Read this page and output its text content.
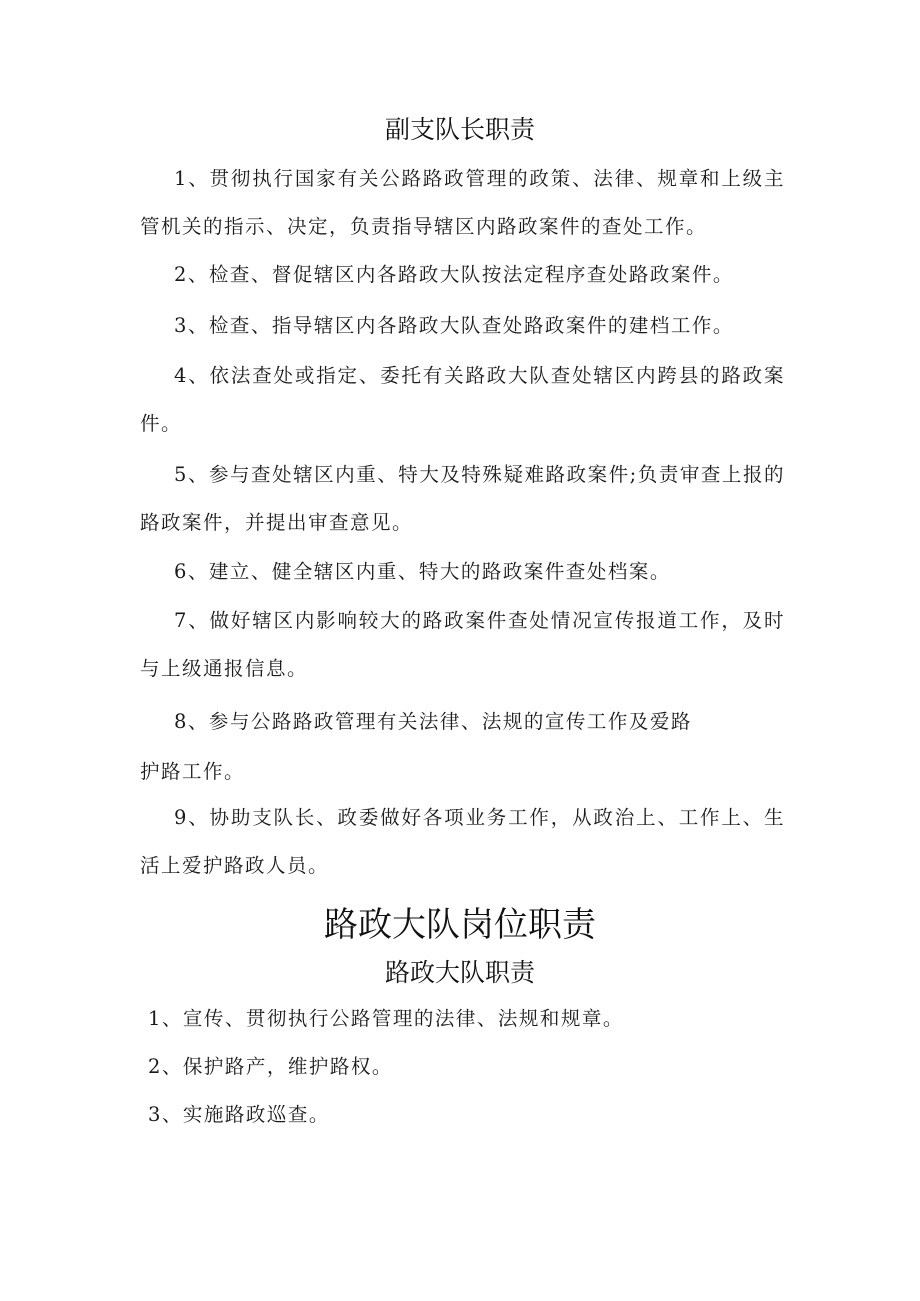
副支队长职责

1、贯彻执行国家有关公路路政管理的政策、法律、规章和上级主管机关的指示、决定，负责指导辖区内路政案件的查处工作。

2、检查、督促辖区内各路政大队按法定程序查处路政案件。

3、检查、指导辖区内各路政大队查处路政案件的建档工作。

4、依法查处或指定、委托有关路政大队查处辖区内跨县的路政案件。

5、参与查处辖区内重、特大及特殊疑难路政案件;负责审查上报的路政案件，并提出审查意见。

6、建立、健全辖区内重、特大的路政案件查处档案。

7、做好辖区内影响较大的路政案件查处情况宣传报道工作，及时与上级通报信息。

8、参与公路路政管理有关法律、法规的宣传工作及爱路
护路工作。

9、协助支队长、政委做好各项业务工作，从政治上、工作上、生活上爱护路政人员。

路政大队岗位职责
路政大队职责
1、宣传、贯彻执行公路管理的法律、法规和规章。
2、保护路产，维护路权。
3、实施路政巡查。
